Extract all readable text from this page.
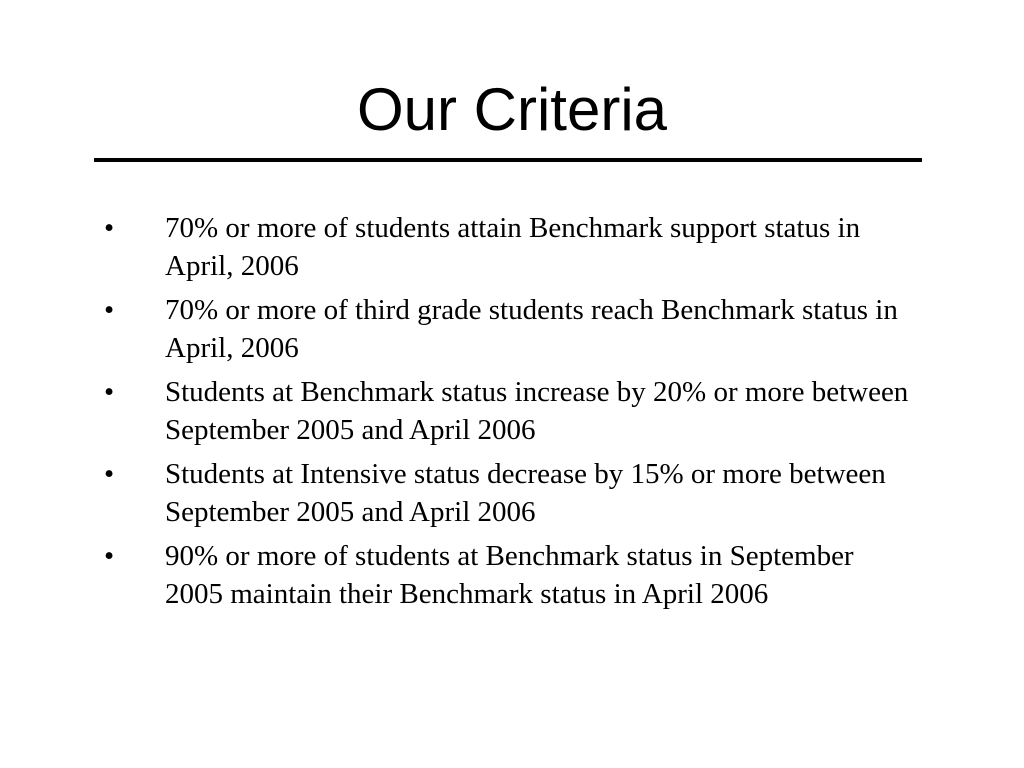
Our Criteria
• 70% or more of students attain Benchmark support status in April, 2006
• 70% or more of third grade students reach Benchmark status in April, 2006
• Students at Benchmark status increase by 20% or more between September 2005 and April 2006
• Students at Intensive status decrease by 15% or more between September 2005 and April 2006
• 90% or more of students at Benchmark status in September 2005 maintain their Benchmark status in April 2006
